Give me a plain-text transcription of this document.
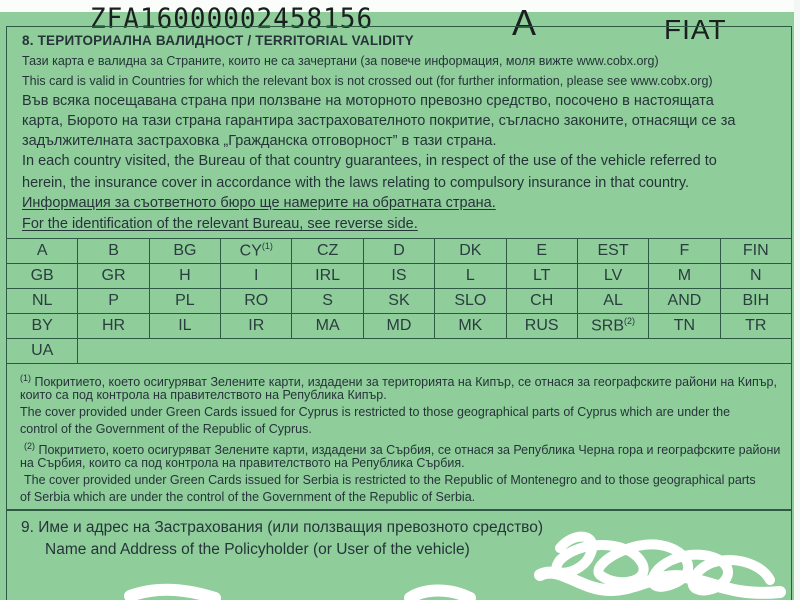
ZFA16000002458156	A	FIAT
8. ТЕРИТОРИАЛНА ВАЛИДНОСТ / TERRITORIAL VALIDITY
Тази карта е валидна за Страните, които не са зачертани (за повече информация, моля вижте www.cobx.org)
This card is valid in Countries for which the relevant box is not crossed out (for further information, please see www.cobx.org)
Във всяка посещавана страна при ползване на моторното превозно средство, посочено в настоящата
карта, Бюрото на тази страна гарантира застрахователното покритие, съгласно законите, отнасящи се за
задължителната застраховка „Гражданска отговорност” в тази страна.
In each country visited, the Bureau of that country guarantees, in respect of the use of the vehicle referred to
herein, the insurance cover in accordance with the laws relating to compulsory insurance in that country.
Информация за съответното бюро ще намерите на обратната страна.
For the identification of the relevant Bureau, see reverse side.
A	B	BG	CY$^{(1)}$	CZ	D	DK	E	EST	F	FIN
GB	GR	H	I	IRL	IS	L	LT	LV	M	N
NL	P	PL	RO	S	SK	SLO	CH	AL	AND	BIH
BY	HR	IL	IR	MA	MD	MK	RUS	SRB$^{(2)}$	TN	TR
UA										
$^{(1)}$ Покритието, което осигуряват Зелените карти, издадени за територията на Кипър, се отнася за географските райони на Кипър,
които са под контрола на правителството на Република Кипър.
The cover provided under Green Cards issued for Cyprus is restricted to those geographical parts of Cyprus which are under the
control of the Government of the Republic of Cyprus.
$^{(2)}$ Покритието, което осигуряват Зелените карти, издадени за Сърбия, се отнася за Република Черна гора и географските райони
на Сърбия, които са под контрола на правителството на Република Сърбия.
The cover provided under Green Cards issued for Serbia is restricted to the Republic of Montenegro and to those geographical parts
of Serbia which are under the control of the Government of the Republic of Serbia.
9. Име и адрес на Застрахования (или ползващия превозното средство)
Name and Address of the Policyholder (or User of the vehicle)
